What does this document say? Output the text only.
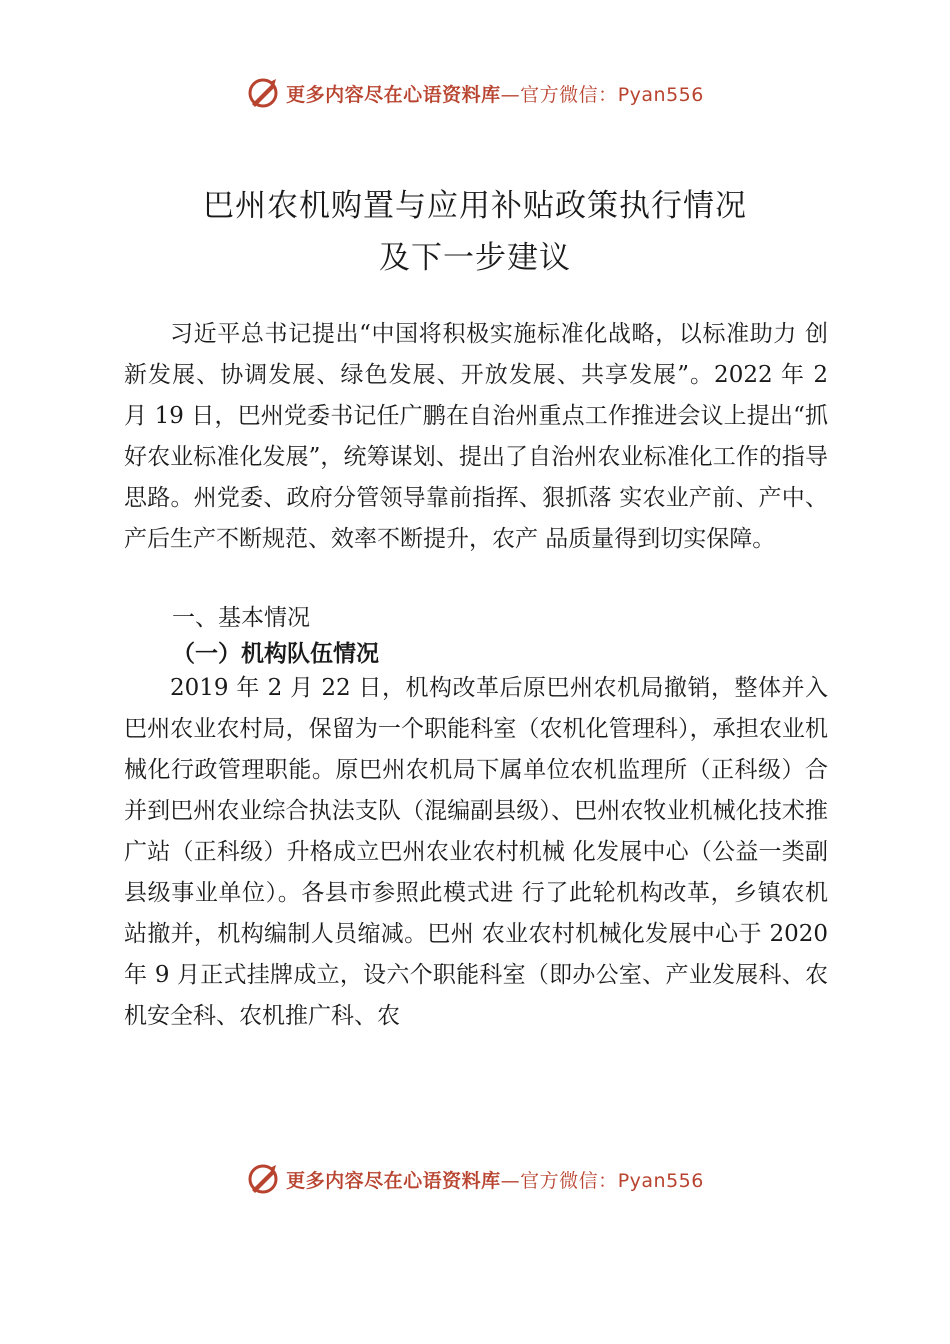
更多内容尽在心语资料库—官方微信：Pyan556
巴州农机购置与应用补贴政策执行情况
及下一步建议

习近平总书记提出“中国将积极实施标准化战略，以标准助力 创新发展、协调发展、绿色发展、开放发展、共享发展”。2022 年 2 月 19 日，巴州党委书记任广鹏在自治州重点工作推进会议上提出“抓好农业标准化发展”，统筹谋划、提出了自治州农业标准化工作的指导思路。州党委、政府分管领导靠前指挥、狠抓落 实农业产前、产中、产后生产不断规范、效率不断提升，农产 品质量得到切实保障。

一、基本情况
（一）机构队伍情况

2019 年 2 月 22 日，机构改革后原巴州农机局撤销，整体并入巴州农业农村局，保留为一个职能科室（农机化管理科），承担农业机械化行政管理职能。原巴州农机局下属单位农机监理所（正科级）合并到巴州农业综合执法支队（混编副县级）、巴州农牧业机械化技术推广站（正科级）升格成立巴州农业农村机械 化发展中心（公益一类副县级事业单位）。各县市参照此模式进 行了此轮机构改革，乡镇农机站撤并，机构编制人员缩减。巴州 农业农村机械化发展中心于 2020 年 9 月正式挂牌成立，设六个职能科室（即办公室、产业发展科、农机安全科、农机推广科、农

更多内容尽在心语资料库—官方微信：Pyan556
